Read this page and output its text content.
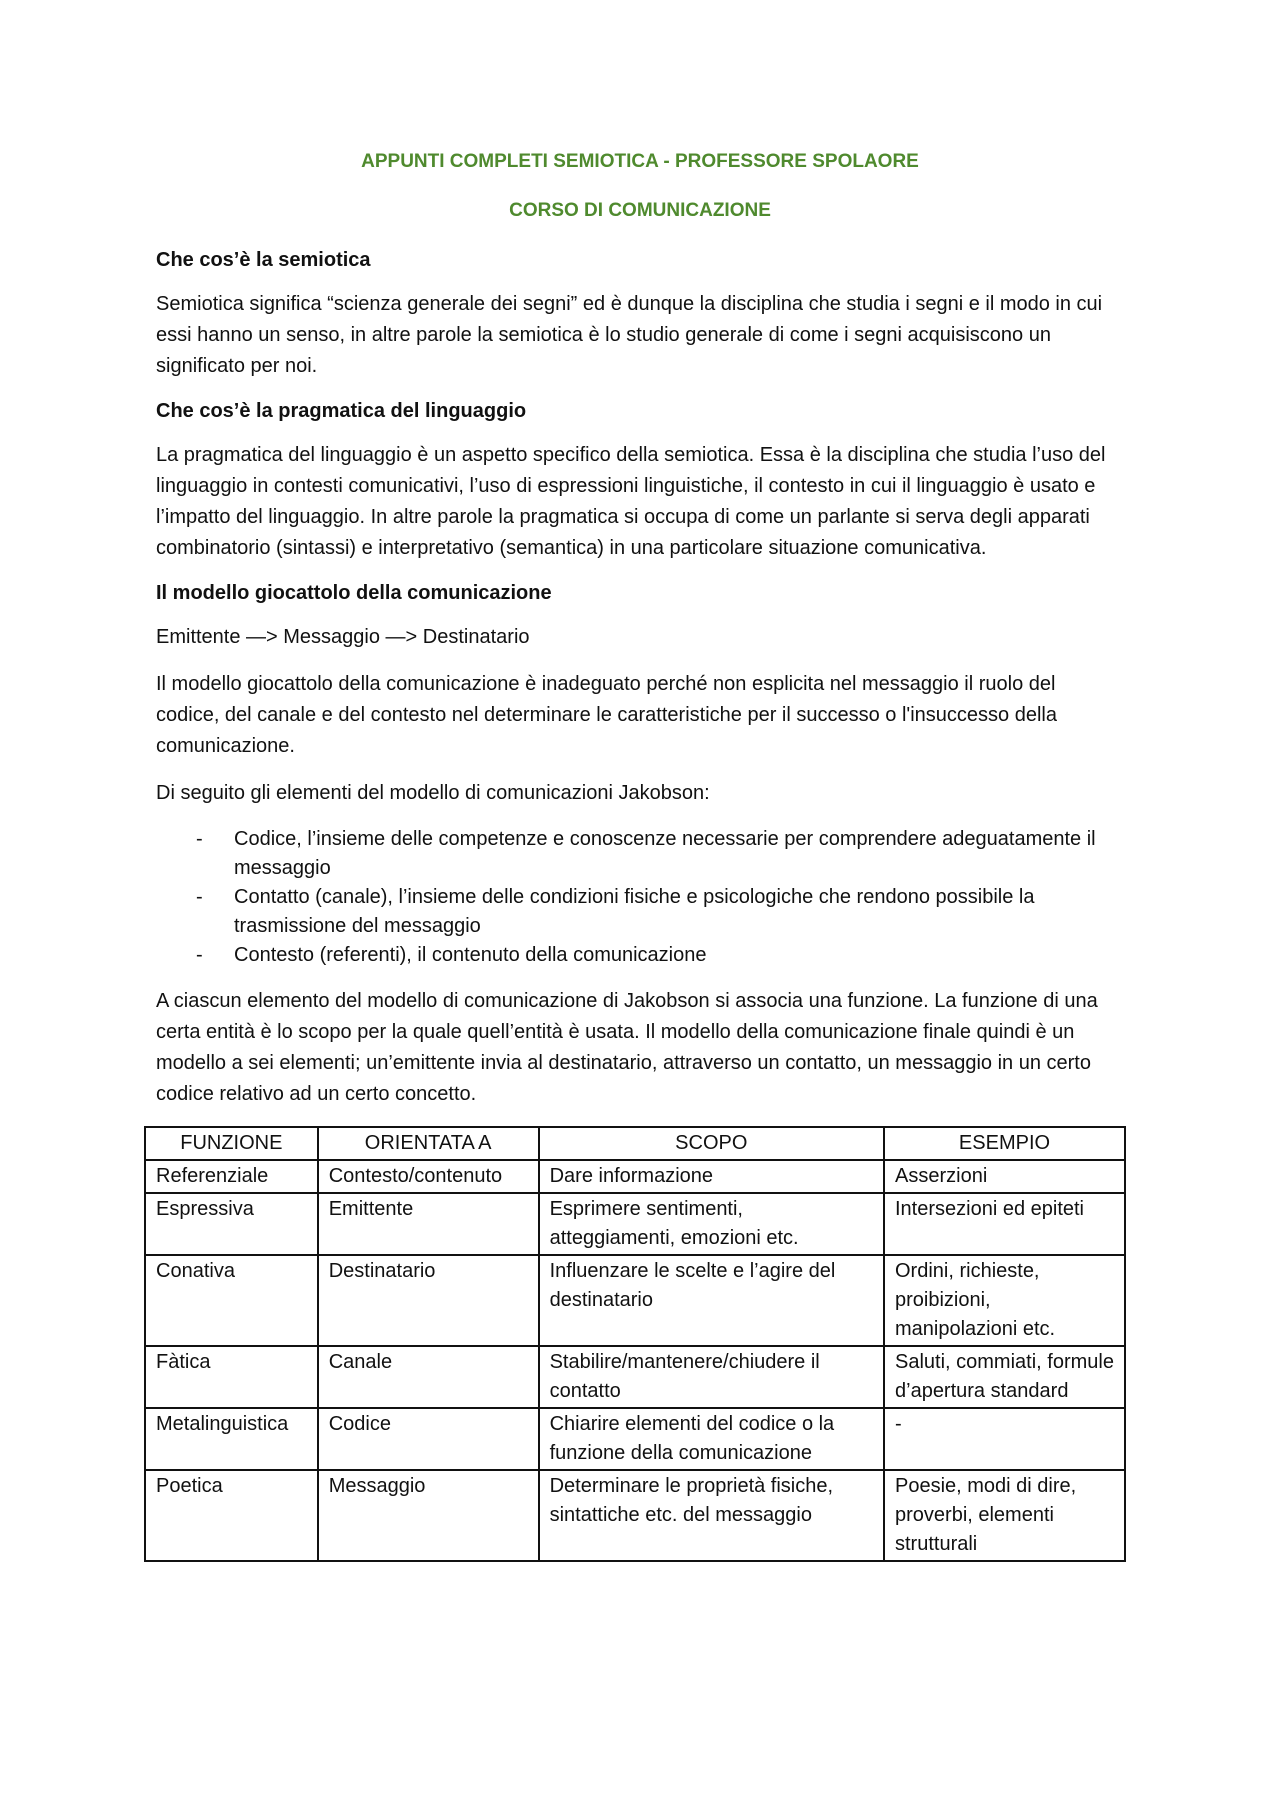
APPUNTI COMPLETI SEMIOTICA - PROFESSORE SPOLAORE
CORSO DI COMUNICAZIONE
Che cos’è la semiotica

Semiotica significa “scienza generale dei segni” ed è dunque la disciplina che studia i segni e il modo in cui essi hanno un senso, in altre parole la semiotica è lo studio generale di come i segni acquisiscono un significato per noi.

Che cos’è la pragmatica del linguaggio

La pragmatica del linguaggio è un aspetto specifico della semiotica. Essa è la disciplina che studia l’uso del linguaggio in contesti comunicativi, l’uso di espressioni linguistiche, il contesto in cui il linguaggio è usato e l’impatto del linguaggio. In altre parole la pragmatica si occupa di come un parlante si serva degli apparati combinatorio (sintassi) e interpretativo (semantica) in una particolare situazione comunicativa.

Il modello giocattolo della comunicazione

Emittente —> Messaggio —> Destinatario

Il modello giocattolo della comunicazione è inadeguato perché non esplicita nel messaggio il ruolo del codice, del canale e del contesto nel determinare le caratteristiche per il successo o l'insuccesso della comunicazione.

Di seguito gli elementi del modello di comunicazioni Jakobson:

- Codice, l’insieme delle competenze e conoscenze necessarie per comprendere adeguatamente il messaggio
- Contatto (canale), l’insieme delle condizioni fisiche e psicologiche che rendono possibile la trasmissione del messaggio
- Contesto (referenti), il contenuto della comunicazione

A ciascun elemento del modello di comunicazione di Jakobson si associa una funzione. La funzione di una certa entità è lo scopo per la quale quell’entità è usata. Il modello della comunicazione finale quindi è un modello a sei elementi; un’emittente invia al destinatario, attraverso un contatto, un messaggio in un certo codice relativo ad un certo concetto.

FUNZIONE	ORIENTATA A	SCOPO	ESEMPIO
Referenziale	Contesto/contenuto	Dare informazione	Asserzioni
Espressiva	Emittente	Esprimere sentimenti, atteggiamenti, emozioni etc.	Intersezioni ed epiteti
Conativa	Destinatario	Influenzare le scelte e l’agire del destinatario	Ordini, richieste, proibizioni, manipolazioni etc.
Fàtica	Canale	Stabilire/mantenere/chiudere il contatto	Saluti, commiati, formule d’apertura standard
Metalinguistica	Codice	Chiarire elementi del codice o la funzione della comunicazione	-
Poetica	Messaggio	Determinare le proprietà fisiche, sintattiche etc. del messaggio	Poesie, modi di dire, proverbi, elementi strutturali
